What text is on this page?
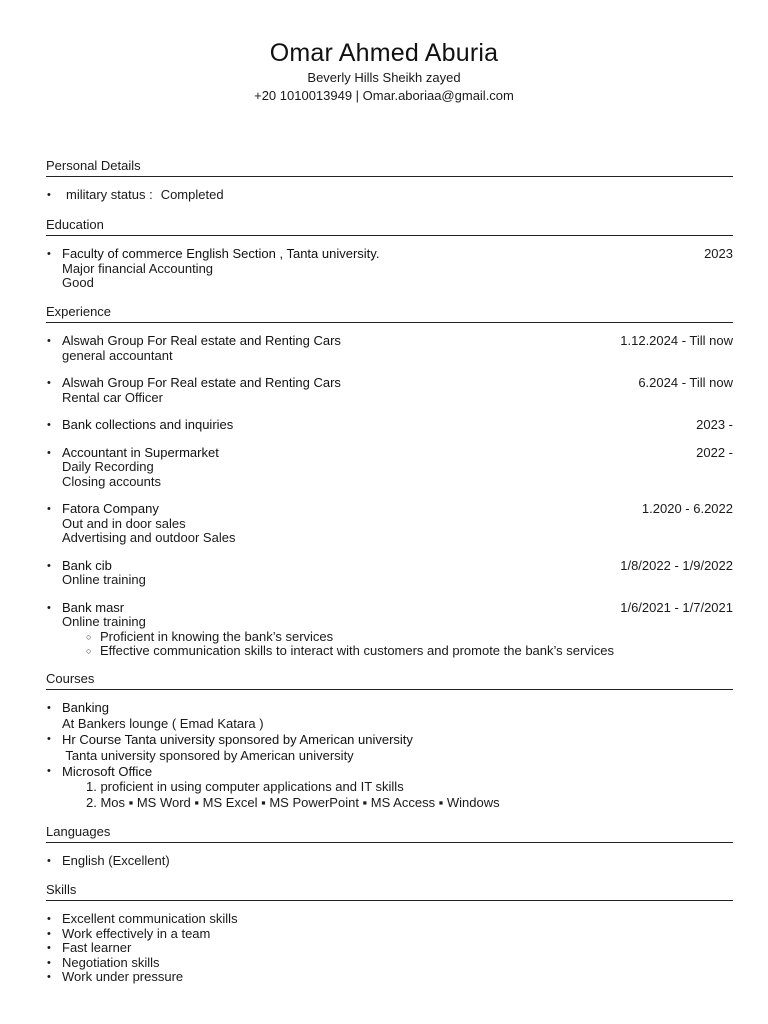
Omar Ahmed Aburia
Beverly Hills Sheikh zayed
+20 1010013949 | Omar.aboriaa@gmail.com
Personal Details
• military status : Completed
Education
• Faculty of commerce English Section , Tanta university.	2023
Major financial Accounting
Good
Experience
• Alswah Group For Real estate and Renting Cars	1.12.2024 - Till now
general accountant
• Alswah Group For Real estate and Renting Cars	6.2024 - Till now
Rental car Officer
• Bank collections and inquiries	2023 -
• Accountant in Supermarket	2022 -
Daily Recording
Closing accounts
• Fatora Company	1.2020 - 6.2022
Out and in door sales
Advertising and outdoor Sales
• Bank cib	1/8/2022 - 1/9/2022
Online training
• Bank masr	1/6/2021 - 1/7/2021
Online training
○ Proficient in knowing the bank’s services
○ Effective communication skills to interact with customers and promote the bank’s services
Courses
• Banking
At Bankers lounge ( Emad Katara )
• Hr Course Tanta university sponsored by American university
Tanta university sponsored by American university
• Microsoft Office
1. proficient in using computer applications and IT skills
2. Mos ▪ MS Word ▪ MS Excel ▪ MS PowerPoint ▪ MS Access ▪ Windows
Languages
• English (Excellent)
Skills
• Excellent communication skills
• Work effectively in a team
• Fast learner
• Negotiation skills
• Work under pressure
